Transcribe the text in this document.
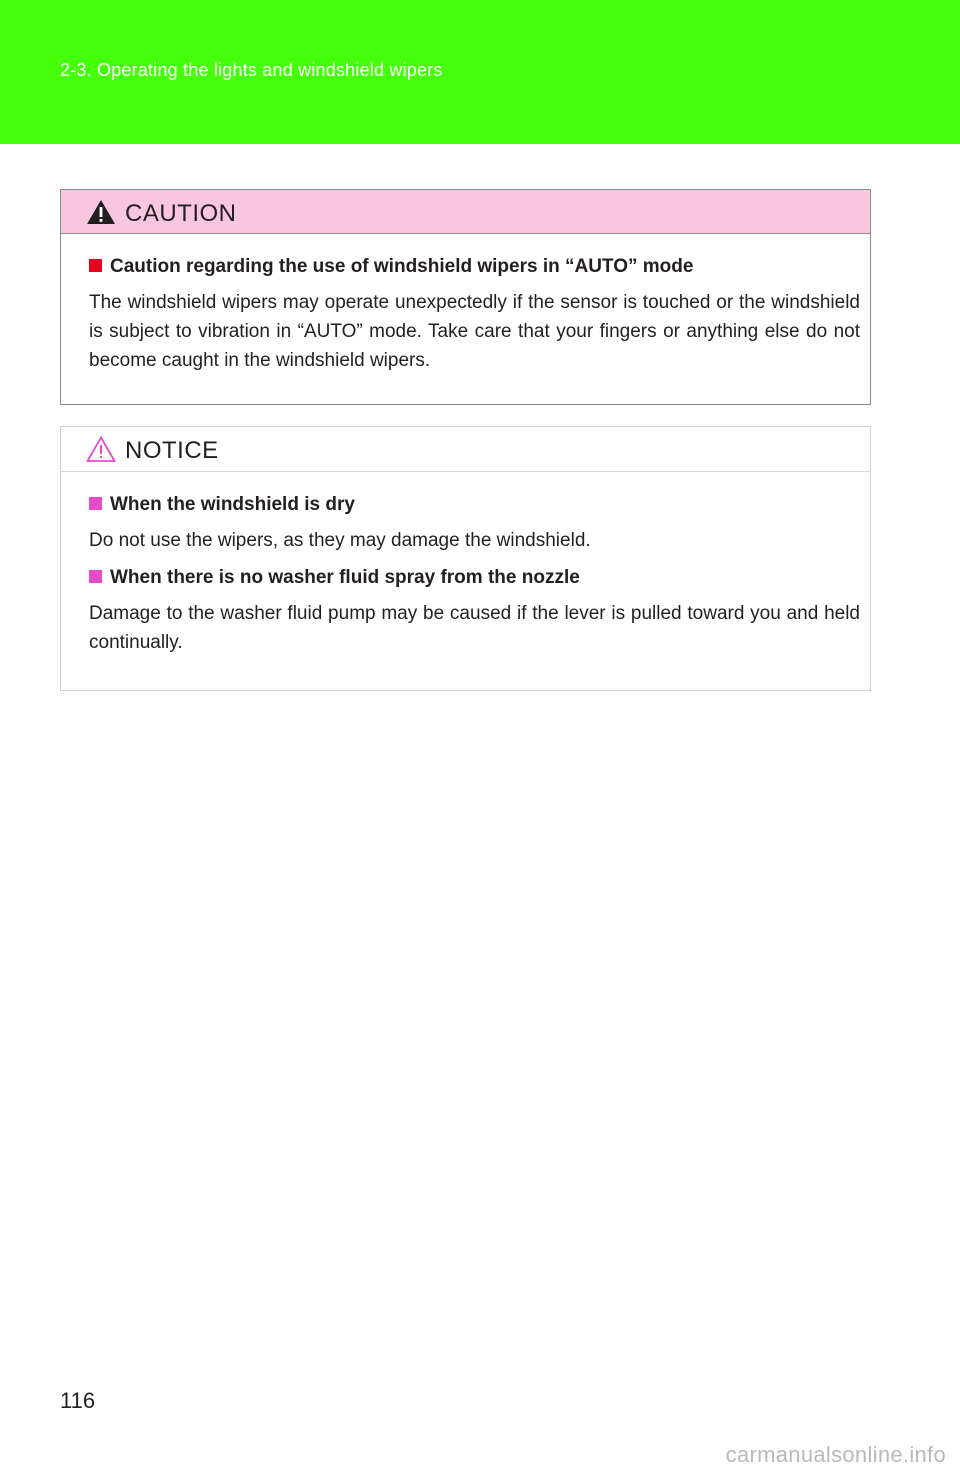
2-3. Operating the lights and windshield wipers
CAUTION

Caution regarding the use of windshield wipers in “AUTO” mode

The windshield wipers may operate unexpectedly if the sensor is touched or the windshield is subject to vibration in “AUTO” mode. Take care that your fingers or anything else do not become caught in the windshield wipers.

NOTICE

When the windshield is dry

Do not use the wipers, as they may damage the windshield.

When there is no washer fluid spray from the nozzle

Damage to the washer fluid pump may be caused if the lever is pulled toward you and held continually.

116
carmanualsonline.info
